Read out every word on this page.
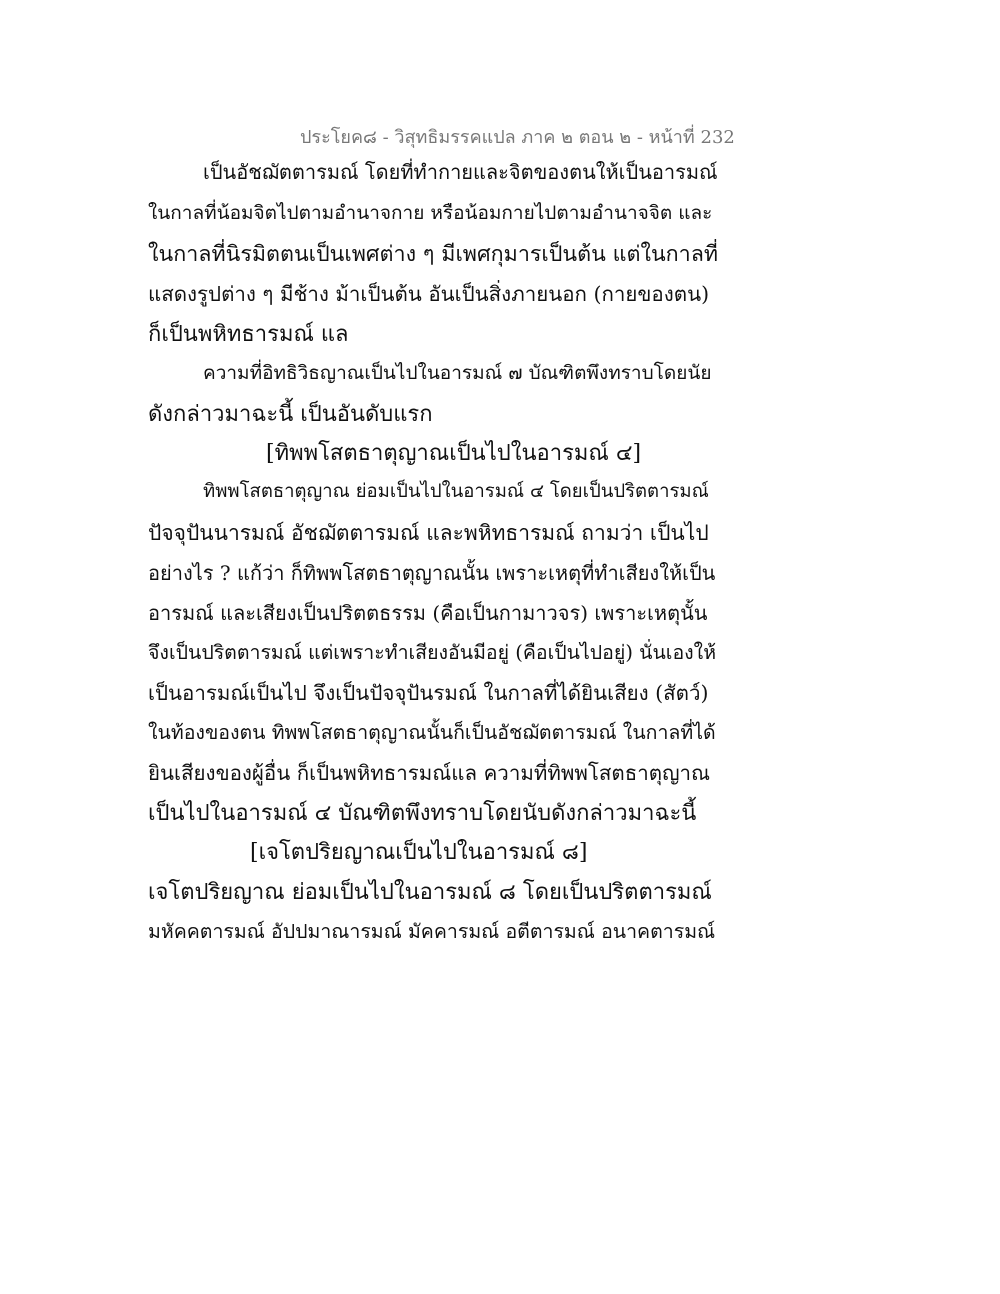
ประโยค๘ - วิสุทธิมรรคแปล ภาค ๒ ตอน ๒ - หน้าที่ 232
เป็นอัชฌัตตารมณ์ โดยที่ทำกายและจิตของตนให้เป็นอารมณ์
ในกาลที่น้อมจิตไปตามอำนาจกาย หรือน้อมกายไปตามอำนาจจิต และ
ในกาลที่นิรมิตตนเป็นเพศต่าง ๆ มีเพศกุมารเป็นต้น แต่ในกาลที่
แสดงรูปต่าง ๆ มีช้าง ม้าเป็นต้น อันเป็นสิ่งภายนอก (กายของตน)
ก็เป็นพหิทธารมณ์ แล
ความที่อิทธิวิธญาณเป็นไปในอารมณ์ ๗ บัณฑิตพึงทราบโดยนัย
ดังกล่าวมาฉะนี้ เป็นอันดับแรก
[ทิพพโสตธาตุญาณเป็นไปในอารมณ์ ๔]
ทิพพโสตธาตุญาณ ย่อมเป็นไปในอารมณ์ ๔ โดยเป็นปริตตารมณ์
ปัจจุปันนารมณ์ อัชฌัตตารมณ์ และพหิทธารมณ์ ถามว่า เป็นไป
อย่างไร ? แก้ว่า ก็ทิพพโสตธาตุญาณนั้น เพราะเหตุที่ทำเสียงให้เป็น
อารมณ์ และเสียงเป็นปริตตธรรม (คือเป็นกามาวจร) เพราะเหตุนั้น
จึงเป็นปริตตารมณ์ แต่เพราะทำเสียงอันมีอยู่ (คือเป็นไปอยู่) นั่นเองให้
เป็นอารมณ์เป็นไป จึงเป็นปัจจุปันรมณ์ ในกาลที่ได้ยินเสียง (สัตว์)
ในท้องของตน ทิพพโสตธาตุญาณนั้นก็เป็นอัชฌัตตารมณ์ ในกาลที่ได้
ยินเสียงของผู้อื่น ก็เป็นพหิทธารมณ์แล ความที่ทิพพโสตธาตุญาณ
เป็นไปในอารมณ์ ๔ บัณฑิตพึงทราบโดยนับดังกล่าวมาฉะนี้
[เจโตปริยญาณเป็นไปในอารมณ์ ๘]
เจโตปริยญาณ ย่อมเป็นไปในอารมณ์ ๘ โดยเป็นปริตตารมณ์
มหัคคตารมณ์ อัปปมาณารมณ์ มัคคารมณ์ อตีตารมณ์ อนาคตารมณ์
